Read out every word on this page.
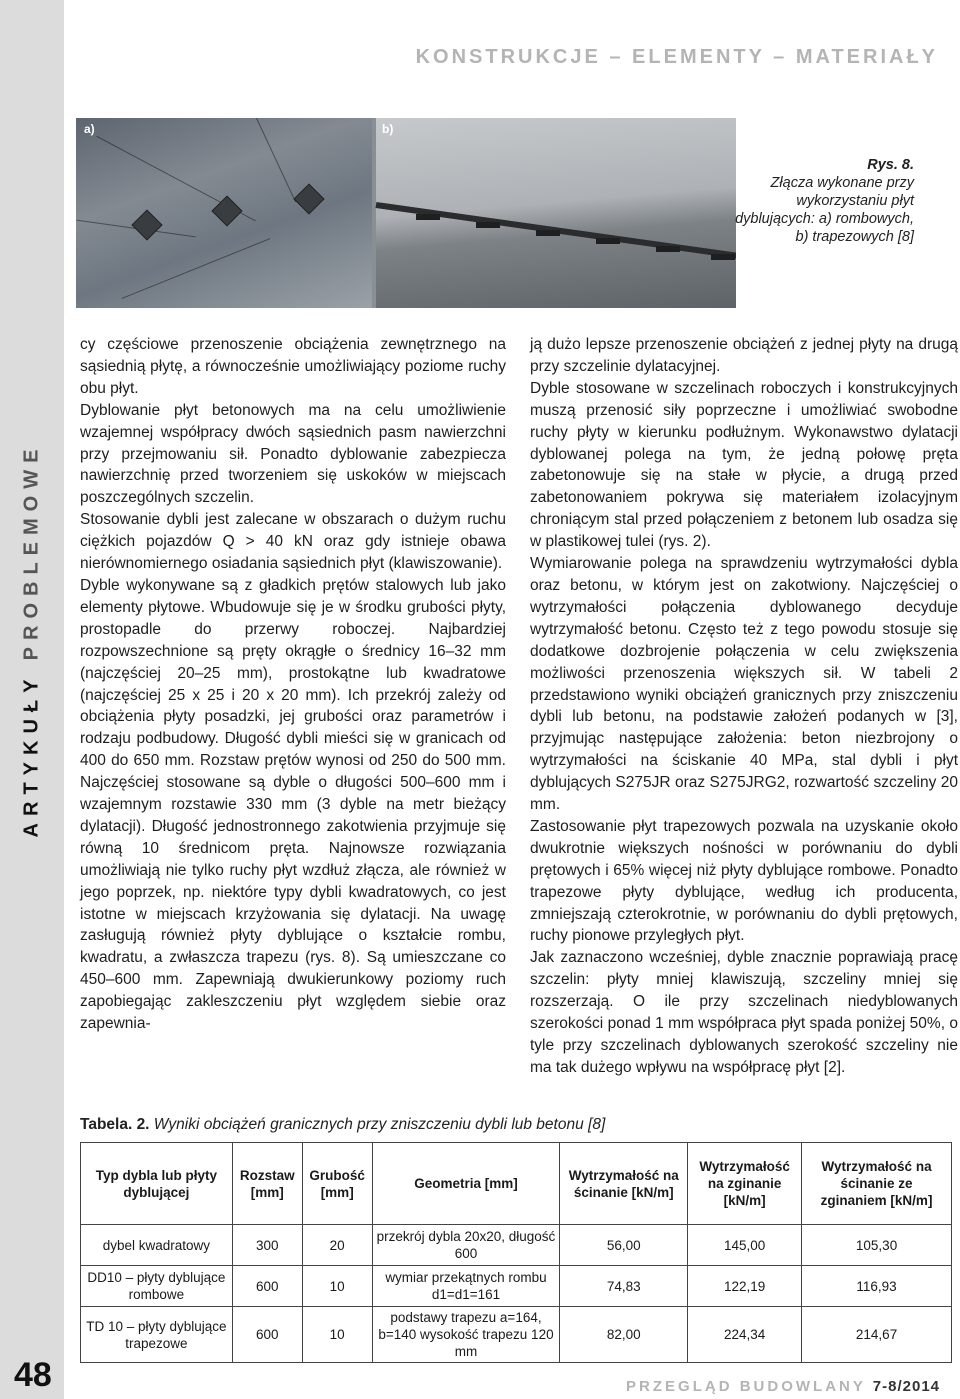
ARTYKUŁY PROBLEMOWE
48
KONSTRUKCJE – ELEMENTY – MATERIAŁY
a)	b)
Rys. 8.
Złącza wykonane przy wykorzystaniu płyt dyblujących: a) rombowych, b) trapezowych [8]

cy częściowe przenoszenie obciążenia zewnętrznego na sąsiednią płytę, a równocześnie umożliwiający poziome ruchy obu płyt.

Dyblowanie płyt betonowych ma na celu umożliwienie wzajemnej współpracy dwóch sąsiednich pasm nawierzchni przy przejmowaniu sił. Ponadto dyblowanie zabezpiecza nawierzchnię przed tworzeniem się uskoków w miejscach poszczególnych szczelin.

Stosowanie dybli jest zalecane w obszarach o dużym ruchu ciężkich pojazdów Q > 40 kN oraz gdy istnieje obawa nierównomiernego osiadania sąsiednich płyt (klawiszowanie).

Dyble wykonywane są z gładkich prętów stalowych lub jako elementy płytowe. Wbudowuje się je w środku grubości płyty, prostopadle do przerwy roboczej. Najbardziej rozpowszechnione są pręty okrągłe o średnicy 16–32 mm (najczęściej 20–25 mm), prostokątne lub kwadratowe (najczęściej 25 x 25 i 20 x 20 mm). Ich przekrój zależy od obciążenia płyty posadzki, jej grubości oraz parametrów i rodzaju podbudowy. Długość dybli mieści się w granicach od 400 do 650 mm. Rozstaw prętów wynosi od 250 do 500 mm. Najczęściej stosowane są dyble o długości 500–600 mm i wzajemnym rozstawie 330 mm (3 dyble na metr bieżący dylatacji). Długość jednostronnego zakotwienia przyjmuje się równą 10 średnicom pręta. Najnowsze rozwiązania umożliwiają nie tylko ruchy płyt wzdłuż złącza, ale również w jego poprzek, np. niektóre typy dybli kwadratowych, co jest istotne w miejscach krzyżowania się dylatacji. Na uwagę zasługują również płyty dyblujące o kształcie rombu, kwadratu, a zwłaszcza trapezu (rys. 8). Są umieszczane co 450–600 mm. Zapewniają dwukierunkowy poziomy ruch zapobiegając zakleszczeniu płyt względem siebie oraz zapewnia-

ją dużo lepsze przenoszenie obciążeń z jednej płyty na drugą przy szczelinie dylatacyjnej.

Dyble stosowane w szczelinach roboczych i konstrukcyjnych muszą przenosić siły poprzeczne i umożliwiać swobodne ruchy płyty w kierunku podłużnym. Wykonawstwo dylatacji dyblowanej polega na tym, że jedną połowę pręta zabetonowuje się na stałe w płycie, a drugą przed zabetonowaniem pokrywa się materiałem izolacyjnym chroniącym stal przed połączeniem z betonem lub osadza się w plastikowej tulei (rys. 2).

Wymiarowanie polega na sprawdzeniu wytrzymałości dybla oraz betonu, w którym jest on zakotwiony. Najczęściej o wytrzymałości połączenia dyblowanego decyduje wytrzymałość betonu. Często też z tego powodu stosuje się dodatkowe dozbrojenie połączenia w celu zwiększenia możliwości przenoszenia większych sił. W tabeli 2 przedstawiono wyniki obciążeń granicznych przy zniszczeniu dybli lub betonu, na podstawie założeń podanych w [3], przyjmując następujące założenia: beton niezbrojony o wytrzymałości na ściskanie 40 MPa, stal dybli i płyt dyblujących S275JR oraz S275JRG2, rozwartość szczeliny 20 mm.

Zastosowanie płyt trapezowych pozwala na uzyskanie około dwukrotnie większych nośności w porównaniu do dybli prętowych i 65% więcej niż płyty dyblujące rombowe. Ponadto trapezowe płyty dyblujące, według ich producenta, zmniejszają czterokrotnie, w porównaniu do dybli prętowych, ruchy pionowe przyległych płyt.

Jak zaznaczono wcześniej, dyble znacznie poprawiają pracę szczelin: płyty mniej klawiszują, szczeliny mniej się rozszerzają. O ile przy szczelinach niedyblowanych szerokości ponad 1 mm współpraca płyt spada poniżej 50%, o tyle przy szczelinach dyblowanych szerokość szczeliny nie ma tak dużego wpływu na współpracę płyt [2].

Tabela. 2. Wyniki obciążeń granicznych przy zniszczeniu dybli lub betonu [8]
Typ dybla lub płyty dyblującej	Rozstaw [mm]	Grubość [mm]	Geometria [mm]	Wytrzymałość na ścinanie [kN/m]	Wytrzymałość na zginanie [kN/m]	Wytrzymałość na ścinanie ze zginaniem [kN/m]
dybel kwadratowy	300	20	przekrój dybla 20x20, długość 600	56,00	145,00	105,30
DD10 – płyty dyblujące rombowe	600	10	wymiar przekątnych rombu d1=d1=161	74,83	122,19	116,93
TD 10 – płyty dyblujące trapezowe	600	10	podstawy trapezu a=164, b=140 wysokość trapezu 120 mm	82,00	224,34	214,67
PRZEGLĄD BUDOWLANY 7-8/2014
